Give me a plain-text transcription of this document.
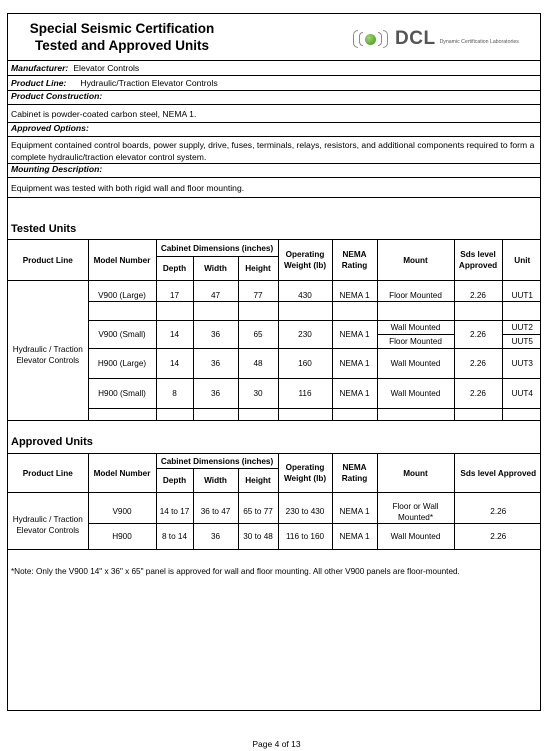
Special Seismic Certification
Tested and Approved Units	DCL Dynamic Certification Laboratories
Manufacturer: Elevator Controls
Product Line: Hydraulic/Traction Elevator Controls
Product Construction:
Cabinet is powder-coated carbon steel, NEMA 1.
Approved Options:
Equipment contained control boards, power supply, drive, fuses, terminals, relays, resistors, and additional components required to form a complete hydraulic/traction elevator control system.
Mounting Description:
Equipment was tested with both rigid wall and floor mounting.
Tested Units
Product Line	Model Number	Cabinet Dimensions (inches)			Operating Weight (lb)	NEMA Rating	Mount	Sds level Approved	Unit
		Depth	Width	Height					

Hydraulic / Traction Elevator Controls	V900 (Large)	17	47	77	430	NEMA 1	Floor Mounted	2.26	UUT1

	V900 (Small)	14	36	65	230	NEMA 1	Wall Mounted	2.26	UUT2
							Floor Mounted		UUT5
	H900 (Large)	14	36	48	160	NEMA 1	Wall Mounted	2.26	UUT3
	H900 (Small)	8	36	30	116	NEMA 1	Wall Mounted	2.26	UUT4

Approved Units
Product Line	Model Number	Cabinet Dimensions (inches)			Operating Weight (lb)	NEMA Rating	Mount	Sds level Approved
		Depth	Width	Height				

Hydraulic / Traction Elevator Controls	V900	14 to 17	36 to 47	65 to 77	230 to 430	NEMA 1	Floor or Wall Mounted*	2.26
	H900	8 to 14	36	30 to 48	116 to 160	NEMA 1	Wall Mounted	2.26
*Note: Only the V900 14" x 36" x 65" panel is approved for wall and floor mounting. All other V900 panels are floor-mounted.
Page 4 of 13
